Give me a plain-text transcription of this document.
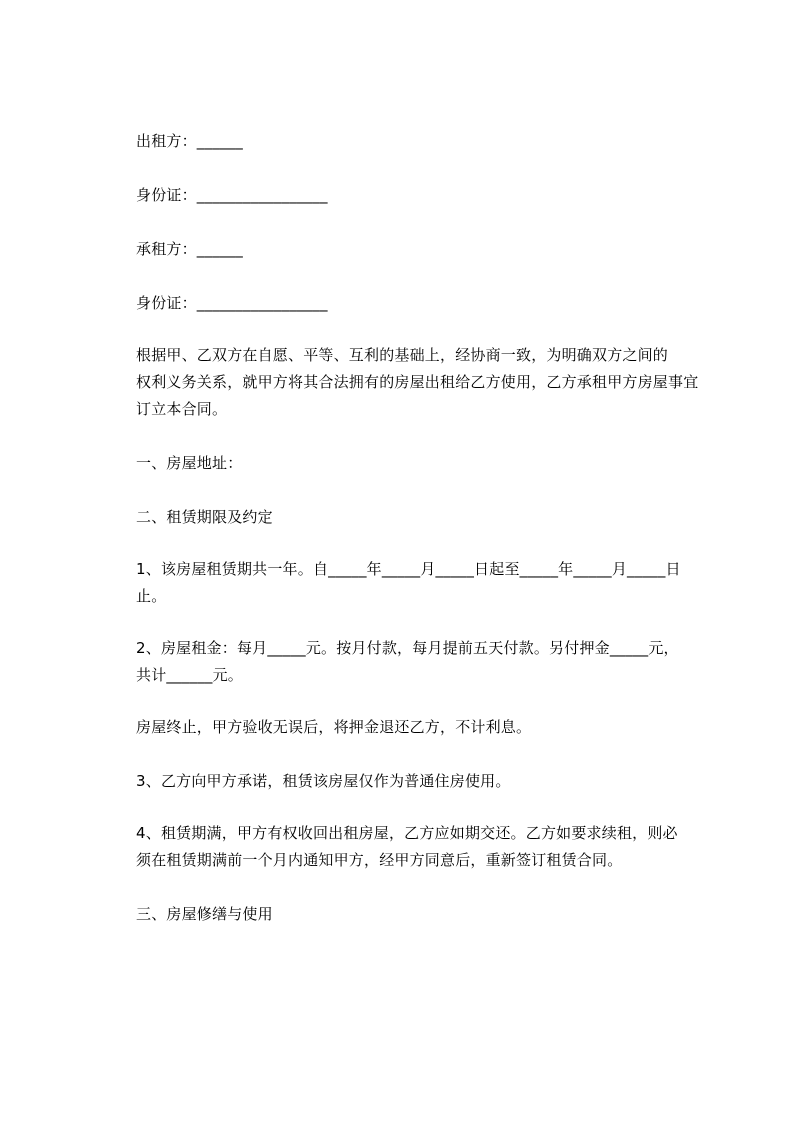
出租方：______
身份证：_________________
承租方：______
身份证：_________________
根据甲、乙双方在自愿、平等、互利的基础上，经协商一致，为明确双方之间的
权利义务关系，就甲方将其合法拥有的房屋出租给乙方使用，乙方承租甲方房屋事宜
订立本合同。
一、房屋地址：
二、租赁期限及约定
1、该房屋租赁期共一年。自_____年_____月_____日起至_____年_____月_____日
止。
2、房屋租金：每月_____元。按月付款，每月提前五天付款。另付押金_____元，
共计______元。
房屋终止，甲方验收无误后，将押金退还乙方，不计利息。
3、乙方向甲方承诺，租赁该房屋仅作为普通住房使用。
4、租赁期满，甲方有权收回出租房屋，乙方应如期交还。乙方如要求续租，则必
须在租赁期满前一个月内通知甲方，经甲方同意后，重新签订租赁合同。
三、房屋修缮与使用
